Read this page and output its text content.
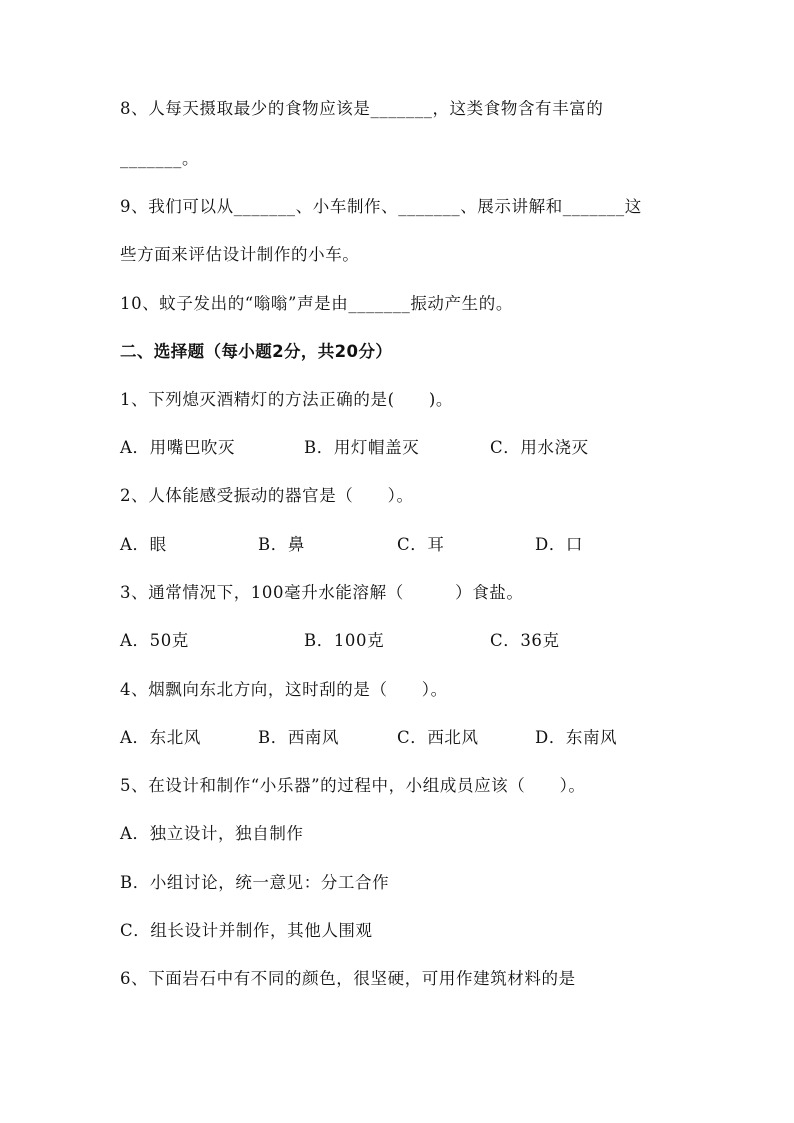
8、人每天摄取最少的食物应该是_______，这类食物含有丰富的
_______。
9、我们可以从_______、小车制作、_______、展示讲解和_______这
些方面来评估设计制作的小车。
10、蚊子发出的“嗡嗡”声是由_______振动产生的。
二、选择题（每小题2分，共20分）
1、下列熄灭酒精灯的方法正确的是(　　)。
A．用嘴巴吹灭	B．用灯帽盖灭	C．用水浇灭
2、人体能感受振动的器官是（　　）。
A．眼	B．鼻	C．耳	D．口
3、通常情况下，100毫升水能溶解（　　　）食盐。
A．50克	B．100克	C．36克
4、烟飘向东北方向，这时刮的是（　　）。
A．东北风	B．西南风	C．西北风	D．东南风
5、在设计和制作“小乐器”的过程中，小组成员应该（　　）。
A．独立设计，独自制作
B．小组讨论，统一意见：分工合作
C．组长设计并制作，其他人围观
6、下面岩石中有不同的颜色，很坚硬，可用作建筑材料的是
